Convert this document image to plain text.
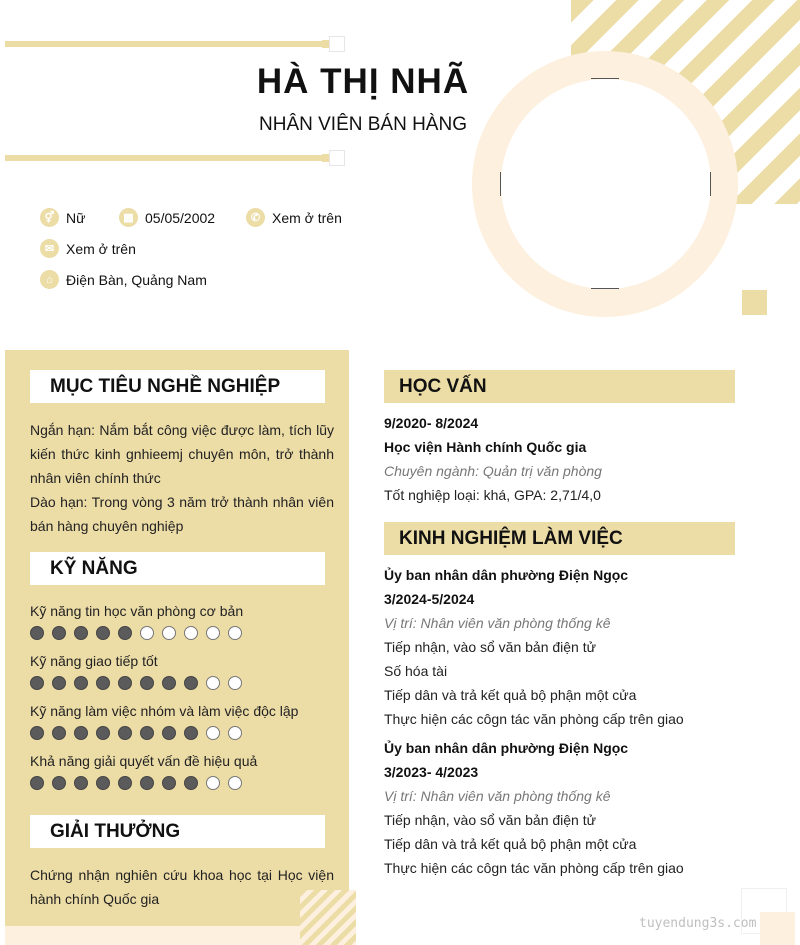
HÀ THỊ NHÃ
NHÂN VIÊN BÁN HÀNG
⚥ Nữ	▦ 05/05/2002	✆ Xem ở trên
✉ Xem ở trên
⌂ Điện Bàn, Quảng Nam
MỤC TIÊU NGHỀ NGHIỆP
Ngắn hạn: Nắm bắt công việc được làm, tích lũy kiến thức kinh gnhieemj chuyên môn, trở thành nhân viên chính thức
Dào hạn: Trong vòng 3 năm trở thành nhân viên bán hàng chuyên nghiệp
KỸ NĂNG
Kỹ năng tin học văn phòng cơ bản
Kỹ năng giao tiếp tốt
Kỹ năng làm việc nhóm và làm việc độc lập
Khả năng giải quyết vấn đề hiệu quả
GIẢI THƯỞNG
Chứng nhận nghiên cứu khoa học tại Học viện hành chính Quốc gia
HỌC VẤN
9/2020- 8/2024
Học viện Hành chính Quốc gia
Chuyên ngành: Quản trị văn phòng
Tốt nghiệp loại: khá, GPA: 2,71/4,0
KINH NGHIỆM LÀM VIỆC
Ủy ban nhân dân phường Điện Ngọc
3/2024-5/2024
Vị trí: Nhân viên văn phòng thống kê
Tiếp nhận, vào sổ văn bản điện tử
Số hóa tài
Tiếp dân và trả kết quả bộ phận một cửa
Thực hiện các côgn tác văn phòng cấp trên giao
Ủy ban nhân dân phường Điện Ngọc
3/2023- 4/2023
Vị trí: Nhân viên văn phòng thống kê
Tiếp nhận, vào sổ văn bản điện tử
Tiếp dân và trả kết quả bộ phận một cửa
Thực hiện các côgn tác văn phòng cấp trên giao
tuyendung3s.com
